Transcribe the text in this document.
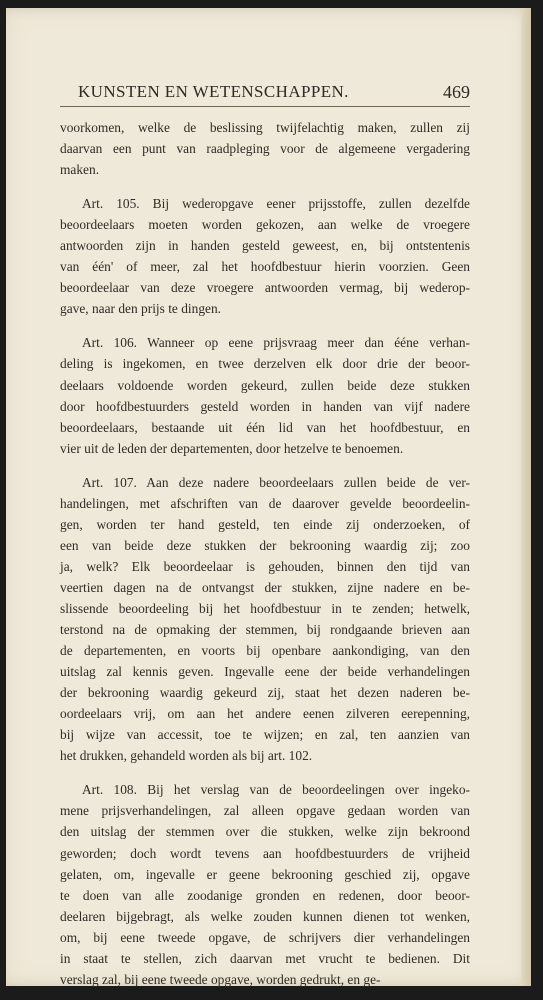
KUNSTEN EN WETENSCHAPPEN.	469
voorkomen, welke de beslissing twijfelachtig maken, zullen zij
daarvan een punt van raadpleging voor de algemeene vergadering
maken.
Art. 105. Bij wederopgave eener prijsstoffe, zullen dezelfde
beoordeelaars moeten worden gekozen, aan welke de vroegere
antwoorden zijn in handen gesteld geweest, en, bij ontstentenis
van één' of meer, zal het hoofdbestuur hierin voorzien. Geen
beoordeelaar van deze vroegere antwoorden vermag, bij wederop-
gave, naar den prijs te dingen.
Art. 106. Wanneer op eene prijsvraag meer dan ééne verhan-
deling is ingekomen, en twee derzelven elk door drie der beoor-
deelaars voldoende worden gekeurd, zullen beide deze stukken
door hoofdbestuurders gesteld worden in handen van vijf nadere
beoordeelaars, bestaande uit één lid van het hoofdbestuur, en
vier uit de leden der departementen, door hetzelve te benoemen.
Art. 107. Aan deze nadere beoordeelaars zullen beide de ver-
handelingen, met afschriften van de daarover gevelde beoordeelin-
gen, worden ter hand gesteld, ten einde zij onderzoeken, of
een van beide deze stukken der bekrooning waardig zij; zoo
ja, welk? Elk beoordeelaar is gehouden, binnen den tijd van
veertien dagen na de ontvangst der stukken, zijne nadere en be-
slissende beoordeeling bij het hoofdbestuur in te zenden; hetwelk,
terstond na de opmaking der stemmen, bij rondgaande brieven aan
de departementen, en voorts bij openbare aankondiging, van den
uitslag zal kennis geven. Ingevalle eene der beide verhandelingen
der bekrooning waardig gekeurd zij, staat het dezen naderen be-
oordeelaars vrij, om aan het andere eenen zilveren eerepenning,
bij wijze van accessit, toe te wijzen; en zal, ten aanzien van
het drukken, gehandeld worden als bij art. 102.
Art. 108. Bij het verslag van de beoordeelingen over ingeko-
mene prijsverhandelingen, zal alleen opgave gedaan worden van
den uitslag der stemmen over die stukken, welke zijn bekroond
geworden; doch wordt tevens aan hoofdbestuurders de vrijheid
gelaten, om, ingevalle er geene bekrooning geschied zij, opgave
te doen van alle zoodanige gronden en redenen, door beoor-
deelaren bijgebragt, als welke zouden kunnen dienen tot wenken,
om, bij eene tweede opgave, de schrijvers dier verhandelingen
in staat te stellen, zich daarvan met vrucht te bedienen. Dit
verslag zal, bij eene tweede opgave, worden gedrukt, en ge-
